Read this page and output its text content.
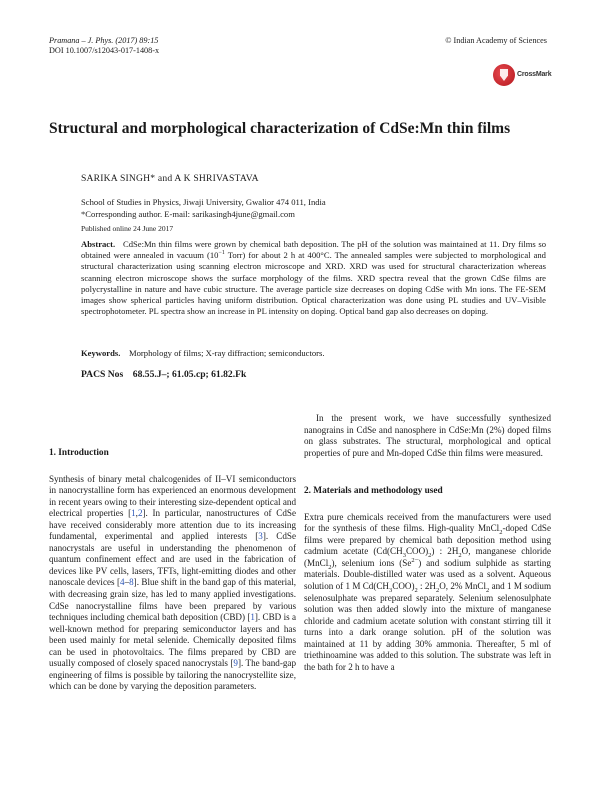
Pramana – J. Phys. (2017) 89:15
DOI 10.1007/s12043-017-1408-x
© Indian Academy of Sciences
CrossMark
Structural and morphological characterization of CdSe:Mn thin films
SARIKA SINGH* and A K SHRIVASTAVA
School of Studies in Physics, Jiwaji University, Gwalior 474 011, India
*Corresponding author. E-mail: sarikasingh4june@gmail.com
Published online 24 June 2017
Abstract. CdSe:Mn thin films were grown by chemical bath deposition. The pH of the solution was maintained at 11. Dry films so obtained were annealed in vacuum ($10^{-1}$ Torr) for about 2 h at 400°C. The annealed samples were subjected to morphological and structural characterization using scanning electron microscope and XRD. XRD was used for structural characterization whereas scanning electron microscope shows the surface morphology of the films. XRD spectra reveal that the grown CdSe films are polycrystalline in nature and have cubic structure. The average particle size decreases on doping CdSe with Mn ions. The FE-SEM images show spherical particles having uniform distribution. Optical characterization was done using PL studies and UV–Visible spectrophotometer. PL spectra show an increase in PL intensity on doping. Optical band gap also decreases on doping.
Keywords. Morphology of films; X-ray diffraction; semiconductors.
PACS Nos 68.55.J–; 61.05.cp; 61.82.Fk

1. Introduction

Synthesis of binary metal chalcogenides of II–VI semiconductors in nanocrystalline form has experienced an enormous development in recent years owing to their interesting size-dependent optical and electrical properties [1,2]. In particular, nanostructures of CdSe have received considerably more attention due to its increasing fundamental, experimental and applied interests [3]. CdSe nanocrystals are useful in understanding the phenomenon of quantum confinement effect and are used in the fabrication of devices like PV cells, lasers, TFTs, light-emitting diodes and other nanoscale devices [4–8]. Blue shift in the band gap of this material, with decreasing grain size, has led to many applied investigations. CdSe nanocrystalline films have been prepared by various techniques including chemical bath deposition (CBD) [1]. CBD is a well-known method for preparing semiconductor layers and has been used mainly for metal selenide. Chemically deposited films can be used in photovoltaics. The films prepared by CBD are usually composed of closely spaced nanocrystals [9]. The band-gap engineering of films is possible by tailoring the nanocrystellite size, which can be done by varying the deposition parameters.

In the present work, we have successfully synthesized nanograins in CdSe and nanosphere in CdSe:Mn (2%) doped films on glass substrates. The structural, morphological and optical properties of pure and Mn-doped CdSe thin films were measured.

2. Materials and methodology used

Extra pure chemicals received from the manufacturers were used for the synthesis of these films. High-quality MnCl$_2$-doped CdSe films were prepared by chemical bath deposition method using cadmium acetate $(Cd(CH_3COO)_2)$ : $2H_2O$, manganese chloride (MnCl$_2$), selenium ions $(Se^{2-})$ and sodium sulphide as starting materials. Double-distilled water was used as a solvent. Aqueous solution of 1 M $Cd(CH_3COO)_2$ : $2H_2O$, 2% MnCl$_2$ and 1 M sodium selenosulphate was prepared separately. Selenium selenosulphate solution was then added slowly into the mixture of manganese chloride and cadmium acetate solution with constant stirring till it turns into a dark orange solution. pH of the solution was maintained at 11 by adding 30% ammonia. Thereafter, 5 ml of triethinoamine was added to this solution. The substrate was left in the bath for 2 h to have a
